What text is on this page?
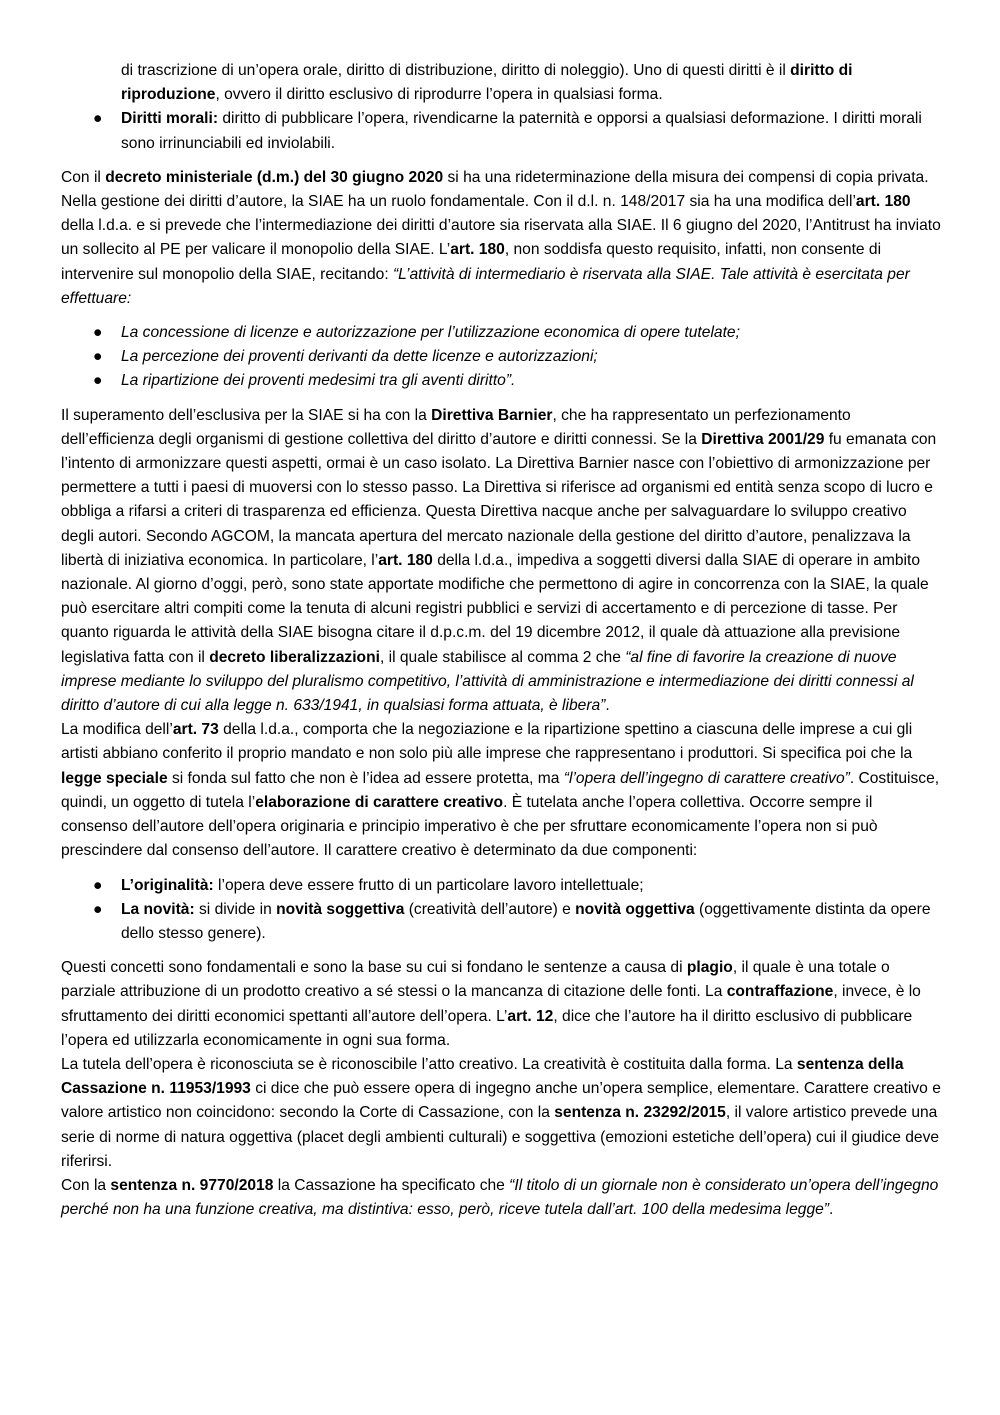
di trascrizione di un’opera orale, diritto di distribuzione, diritto di noleggio). Uno di questi diritti è il diritto di riproduzione, ovvero il diritto esclusivo di riprodurre l’opera in qualsiasi forma.

● Diritti morali: diritto di pubblicare l’opera, rivendicarne la paternità e opporsi a qualsiasi deformazione. I diritti morali sono irrinunciabili ed inviolabili.

Con il decreto ministeriale (d.m.) del 30 giugno 2020 si ha una rideterminazione della misura dei compensi di copia privata. Nella gestione dei diritti d’autore, la SIAE ha un ruolo fondamentale. Con il d.l. n. 148/2017 sia ha una modifica dell’art. 180 della l.d.a. e si prevede che l’intermediazione dei diritti d’autore sia riservata alla SIAE. Il 6 giugno del 2020, l’Antitrust ha inviato un sollecito al PE per valicare il monopolio della SIAE. L’art. 180, non soddisfa questo requisito, infatti, non consente di intervenire sul monopolio della SIAE, recitando: “L’attività di intermediario è riservata alla SIAE. Tale attività è esercitata per effettuare:

● La concessione di licenze e autorizzazione per l’utilizzazione economica di opere tutelate;
● La percezione dei proventi derivanti da dette licenze e autorizzazioni;
● La ripartizione dei proventi medesimi tra gli aventi diritto”.

Il superamento dell’esclusiva per la SIAE si ha con la Direttiva Barnier, che ha rappresentato un perfezionamento dell’efficienza degli organismi di gestione collettiva del diritto d’autore e diritti connessi. Se la Direttiva 2001/29 fu emanata con l’intento di armonizzare questi aspetti, ormai è un caso isolato. La Direttiva Barnier nasce con l’obiettivo di armonizzazione per permettere a tutti i paesi di muoversi con lo stesso passo. La Direttiva si riferisce ad organismi ed entità senza scopo di lucro e obbliga a rifarsi a criteri di trasparenza ed efficienza. Questa Direttiva nacque anche per salvaguardare lo sviluppo creativo degli autori. Secondo AGCOM, la mancata apertura del mercato nazionale della gestione del diritto d’autore, penalizzava la libertà di iniziativa economica. In particolare, l’art. 180 della l.d.a., impediva a soggetti diversi dalla SIAE di operare in ambito nazionale. Al giorno d’oggi, però, sono state apportate modifiche che permettono di agire in concorrenza con la SIAE, la quale può esercitare altri compiti come la tenuta di alcuni registri pubblici e servizi di accertamento e di percezione di tasse. Per quanto riguarda le attività della SIAE bisogna citare il d.p.c.m. del 19 dicembre 2012, il quale dà attuazione alla previsione legislativa fatta con il decreto liberalizzazioni, il quale stabilisce al comma 2 che “al fine di favorire la creazione di nuove imprese mediante lo sviluppo del pluralismo competitivo, l’attività di amministrazione e intermediazione dei diritti connessi al diritto d’autore di cui alla legge n. 633/1941, in qualsiasi forma attuata, è libera”.

La modifica dell’art. 73 della l.d.a., comporta che la negoziazione e la ripartizione spettino a ciascuna delle imprese a cui gli artisti abbiano conferito il proprio mandato e non solo più alle imprese che rappresentano i produttori. Si specifica poi che la legge speciale si fonda sul fatto che non è l’idea ad essere protetta, ma “l’opera dell’ingegno di carattere creativo”. Costituisce, quindi, un oggetto di tutela l’elaborazione di carattere creativo. È tutelata anche l’opera collettiva. Occorre sempre il consenso dell’autore dell’opera originaria e principio imperativo è che per sfruttare economicamente l’opera non si può prescindere dal consenso dell’autore. Il carattere creativo è determinato da due componenti:

● L’originalità: l’opera deve essere frutto di un particolare lavoro intellettuale;
● La novità: si divide in novità soggettiva (creatività dell’autore) e novità oggettiva (oggettivamente distinta da opere dello stesso genere).

Questi concetti sono fondamentali e sono la base su cui si fondano le sentenze a causa di plagio, il quale è una totale o parziale attribuzione di un prodotto creativo a sé stessi o la mancanza di citazione delle fonti. La contraffazione, invece, è lo sfruttamento dei diritti economici spettanti all’autore dell’opera. L’art. 12, dice che l’autore ha il diritto esclusivo di pubblicare l’opera ed utilizzarla economicamente in ogni sua forma.

La tutela dell’opera è riconosciuta se è riconoscibile l’atto creativo. La creatività è costituita dalla forma. La sentenza della Cassazione n. 11953/1993 ci dice che può essere opera di ingegno anche un’opera semplice, elementare. Carattere creativo e valore artistico non coincidono: secondo la Corte di Cassazione, con la sentenza n. 23292/2015, il valore artistico prevede una serie di norme di natura oggettiva (placet degli ambienti culturali) e soggettiva (emozioni estetiche dell’opera) cui il giudice deve riferirsi.

Con la sentenza n. 9770/2018 la Cassazione ha specificato che “Il titolo di un giornale non è considerato un’opera dell’ingegno perché non ha una funzione creativa, ma distintiva: esso, però, riceve tutela dall’art. 100 della medesima legge”.
